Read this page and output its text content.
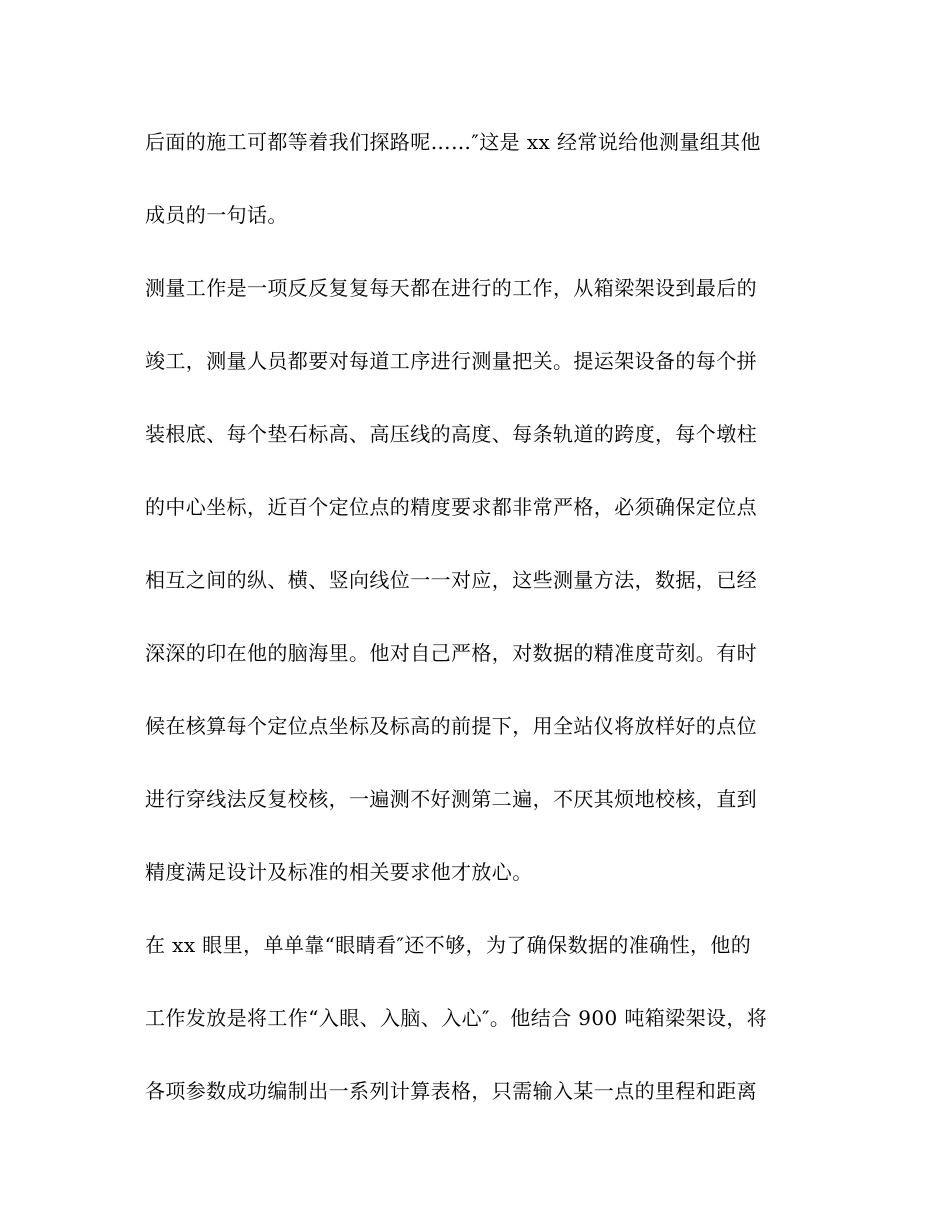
后面的施工可都等着我们探路呢……″这是 xx 经常说给他测量组其他
成员的一句话。
测量工作是一项反反复复每天都在进行的工作，从箱梁架设到最后的
竣工，测量人员都要对每道工序进行测量把关。提运架设备的每个拼
装根底、每个垫石标高、高压线的高度、每条轨道的跨度，每个墩柱
的中心坐标，近百个定位点的精度要求都非常严格，必须确保定位点
相互之间的纵、横、竖向线位一一对应，这些测量方法，数据，已经
深深的印在他的脑海里。他对自己严格，对数据的精准度苛刻。有时
候在核算每个定位点坐标及标高的前提下，用全站仪将放样好的点位
进行穿线法反复校核，一遍测不好测第二遍，不厌其烦地校核，直到
精度满足设计及标准的相关要求他才放心。
在 xx 眼里，单单靠“眼睛看″还不够，为了确保数据的准确性，他的
工作发放是将工作“入眼、入脑、入心″。他结合 900 吨箱梁架设，将
各项参数成功编制出一系列计算表格，只需输入某一点的里程和距离
